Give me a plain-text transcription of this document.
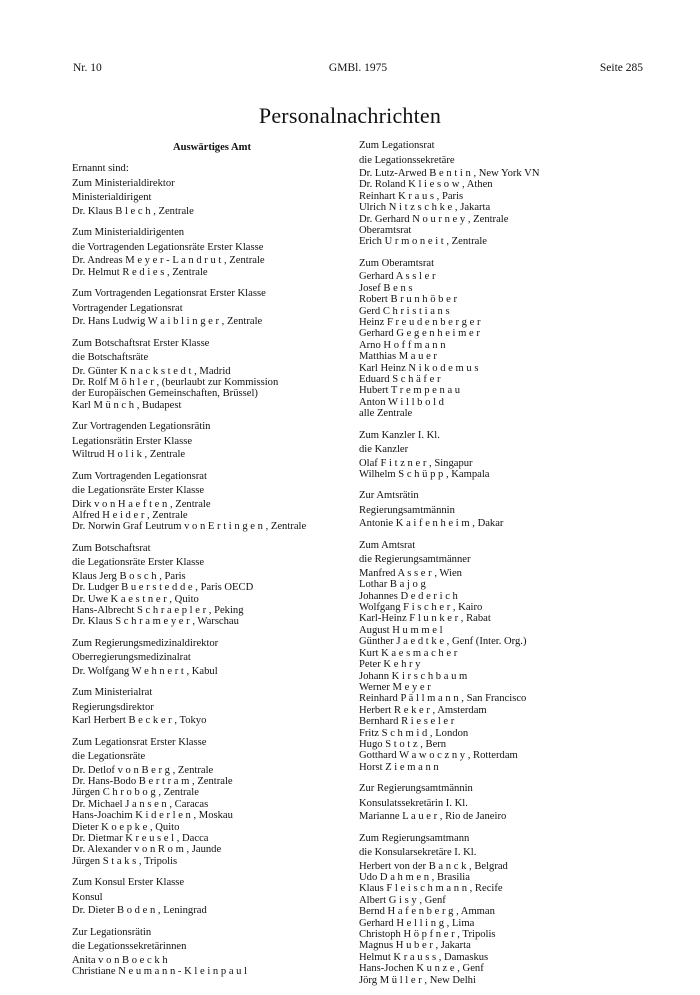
GMBl. 1975
Nr. 10	Seite 285
Personalnachrichten
Auswärtiges Amt
Ernannt sind:
Zum Ministerialdirektor
Ministerialdirigent
Dr. Klaus B l e c h , Zentrale
Zum Ministerialdirigenten
die Vortragenden Legationsräte Erster Klasse
Dr. Andreas M e y e r - L a n d r u t , Zentrale
Dr. Helmut R e d i e s , Zentrale
Zum Vortragenden Legationsrat Erster Klasse
Vortragender Legationsrat
Dr. Hans Ludwig W a i b l i n g e r , Zentrale
Zum Botschaftsrat Erster Klasse
die Botschaftsräte
Dr. Günter K n a c k s t e d t , Madrid
Dr. Rolf M ö h l e r , (beurlaubt zur Kommission
der Europäischen Gemeinschaften, Brüssel)
Karl M ü n c h , Budapest
Zur Vortragenden Legationsrätin
Legationsrätin Erster Klasse
Wiltrud H o l i k , Zentrale
Zum Vortragenden Legationsrat
die Legationsräte Erster Klasse
Dirk v o n H a e f t e n , Zentrale
Alfred H e i d e r , Zentrale
Dr. Norwin Graf Leutrum v o n E r t i n g e n , Zentrale
Zum Botschaftsrat
die Legationsräte Erster Klasse
Klaus Jerg B o s c h , Paris
Dr. Ludger B u e r s t e d d e , Paris OECD
Dr. Uwe K a e s t n e r , Quito
Hans-Albrecht S c h r a e p l e r , Peking
Dr. Klaus S c h r a m e y e r , Warschau
Zum Regierungsmedizinaldirektor
Oberregierungsmedizinalrat
Dr. Wolfgang W e h n e r t , Kabul
Zum Ministerialrat
Regierungsdirektor
Karl Herbert B e c k e r , Tokyo
Zum Legationsrat Erster Klasse
die Legationsräte
Dr. Detlof v o n B e r g , Zentrale
Dr. Hans-Bodo B e r t r a m , Zentrale
Jürgen C h r o b o g , Zentrale
Dr. Michael J a n s e n , Caracas
Hans-Joachim K i d e r l e n , Moskau
Dieter K o e p k e , Quito
Dr. Dietmar K r e u s e l , Dacca
Dr. Alexander v o n R o m , Jaunde
Jürgen S t a k s , Tripolis
Zum Konsul Erster Klasse
Konsul
Dr. Dieter B o d e n , Leningrad
Zur Legationsrätin
die Legationssekretärinnen
Anita v o n B o e c k h
Christiane N e u m a n n - K l e i n p a u l
Zum Legationsrat
die Legationssekretäre
Dr. Lutz-Arwed B e n t i n , New York VN
Dr. Roland K l i e s o w , Athen
Reinhart K r a u s , Paris
Ulrich N i t z s c h k e , Jakarta
Dr. Gerhard N o u r n e y , Zentrale
Oberamtsrat
Erich U r m o n e i t , Zentrale
Zum Oberamtsrat
Gerhard A s s l e r
Josef B e n s
Robert B r u n h ö b e r
Gerd C h r i s t i a n s
Heinz F r e u d e n b e r g e r
Gerhard G e g e n h e i m e r
Arno H o f f m a n n
Matthias M a u e r
Karl Heinz N i k o d e m u s
Eduard S c h ä f e r
Hubert T r e m p e n a u
Anton W i l l b o l d
alle Zentrale
Zum Kanzler I. Kl.
die Kanzler
Olaf F i t z n e r , Singapur
Wilhelm S c h ü p p , Kampala
Zur Amtsrätin
Regierungsamtmännin
Antonie K a i f e n h e i m , Dakar
Zum Amtsrat
die Regierungsamtmänner
Manfred A s s e r , Wien
Lothar B a j o g
Johannes D e d e r i c h
Wolfgang F i s c h e r , Kairo
Karl-Heinz F l u n k e r , Rabat
August H u m m e l
Günther J a e d t k e , Genf (Inter. Org.)
Kurt K a e s m a c h e r
Peter K e h r y
Johann K i r s c h b a u m
Werner M e y e r
Reinhard P ä l l m a n n , San Francisco
Herbert R e k e r , Amsterdam
Bernhard R i e s e l e r
Fritz S c h m i d , London
Hugo S t o t z , Bern
Gotthard W a w o c z n y , Rotterdam
Horst Z i e m a n n
Zur Regierungsamtmännin
Konsulatssekretärin I. Kl.
Marianne L a u e r , Rio de Janeiro
Zum Regierungsamtmann
die Konsularsekretäre I. Kl.
Herbert von der B a n c k , Belgrad
Udo D a h m e n , Brasilia
Klaus F l e i s c h m a n n , Recife
Albert G i s y , Genf
Bernd H a f e n b e r g , Amman
Gerhard H e l l i n g , Lima
Christoph H ö p f n e r , Tripolis
Magnus H u b e r , Jakarta
Helmut K r a u s s , Damaskus
Hans-Jochen K u n z e , Genf
Jörg M ü l l e r , New Delhi
